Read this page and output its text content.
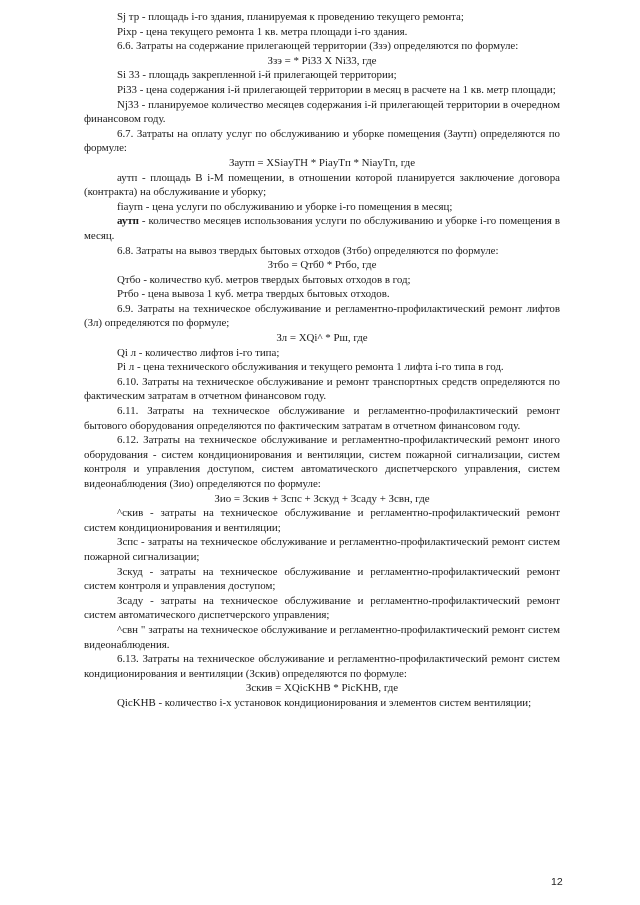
Sj тр - площадь i-го здания, планируемая к проведению текущего ремонта;

Pixp - цена текущего ремонта 1 кв. метра площади i-го здания.

6.6. Затраты на содержание прилегающей территории (Ззэ) определяются по формуле:

Ззэ = * Pi33 X Ni33, где

Si 33 - площадь закрепленной i-й прилегающей территории;

Pi33 - цена содержания i-й прилегающей территории в месяц в расчете на 1 кв. метр площади;

Nj33 - планируемое количество месяцев содержания i-й прилегающей территории в очередном финансовом году.

6.7. Затраты на оплату услуг по обслуживанию и уборке помещения (Заутп) определяются по формуле:

Заутп = XSiayTH * PiayTп * NiayTп, где

аутп - площадь В i-M помещении, в отношении которой планируется заключение договора (контракта) на обслуживание и уборку;

fiayrn - цена услуги по обслуживанию и уборке i-го помещения в месяц;

аутп - количество месяцев использования услуги по обслуживанию и уборке i-го помещения в месяц.

6.8. Затраты на вывоз твердых бытовых отходов (Зтбо) определяются по формуле:

Зтбо = Qтб0 * Ртбо, где

Qтбо - количество куб. метров твердых бытовых отходов в год;

Ртбо - цена вывоза 1 куб. метра твердых бытовых отходов.

6.9. Затраты на техническое обслуживание и регламентно-профилактический ремонт лифтов (Зл) определяются по формуле;

Зл = XQi^ * Рш, где

Qi л - количество лифтов i-го типа;

Pi л - цена технического обслуживания и текущего ремонта 1 лифта i-го типа в год.

6.10. Затраты на техническое обслуживание и ремонт транспортных средств определяются по фактическим затратам в отчетном финансовом году.

6.11. Затраты на техническое обслуживание и регламентно-профилактический ремонт бытового оборудования определяются по фактическим затратам в отчетном финансовом году.

6.12. Затраты на техническое обслуживание и регламентно-профилактический ремонт иного оборудования - систем кондиционирования и вентиляции, систем пожарной сигнализации, систем контроля и управления доступом, систем автоматического диспетчерского управления, систем видеонаблюдения (Зио) определяются по формуле:

Зио = Зскив + Зспс + Зскуд + Зсаду + Зсвн, где

^скив - затраты на техническое обслуживание и регламентно-профилактический ремонт систем кондиционирования и вентиляции;

Зспс - затраты на техническое обслуживание и регламентно-профилактический ремонт систем пожарной сигнализации;

Зскуд - затраты на техническое обслуживание и регламентно-профилактический ремонт систем контроля и управления доступом;

Зсаду - затраты на техническое обслуживание и регламентно-профилактический ремонт систем автоматического диспетчерского управления;

^свн " затраты на техническое обслуживание и регламентно-профилактический ремонт систем видеонаблюдения.

6.13. Затраты на техническое обслуживание и регламентно-профилактический ремонт систем кондиционирования и вентиляции (Зскив) определяются по формуле:

Зскив = XQicKHB * PicKHB, где

QicKHB - количество i-x установок кондиционирования и элементов систем вентиляции;

12
